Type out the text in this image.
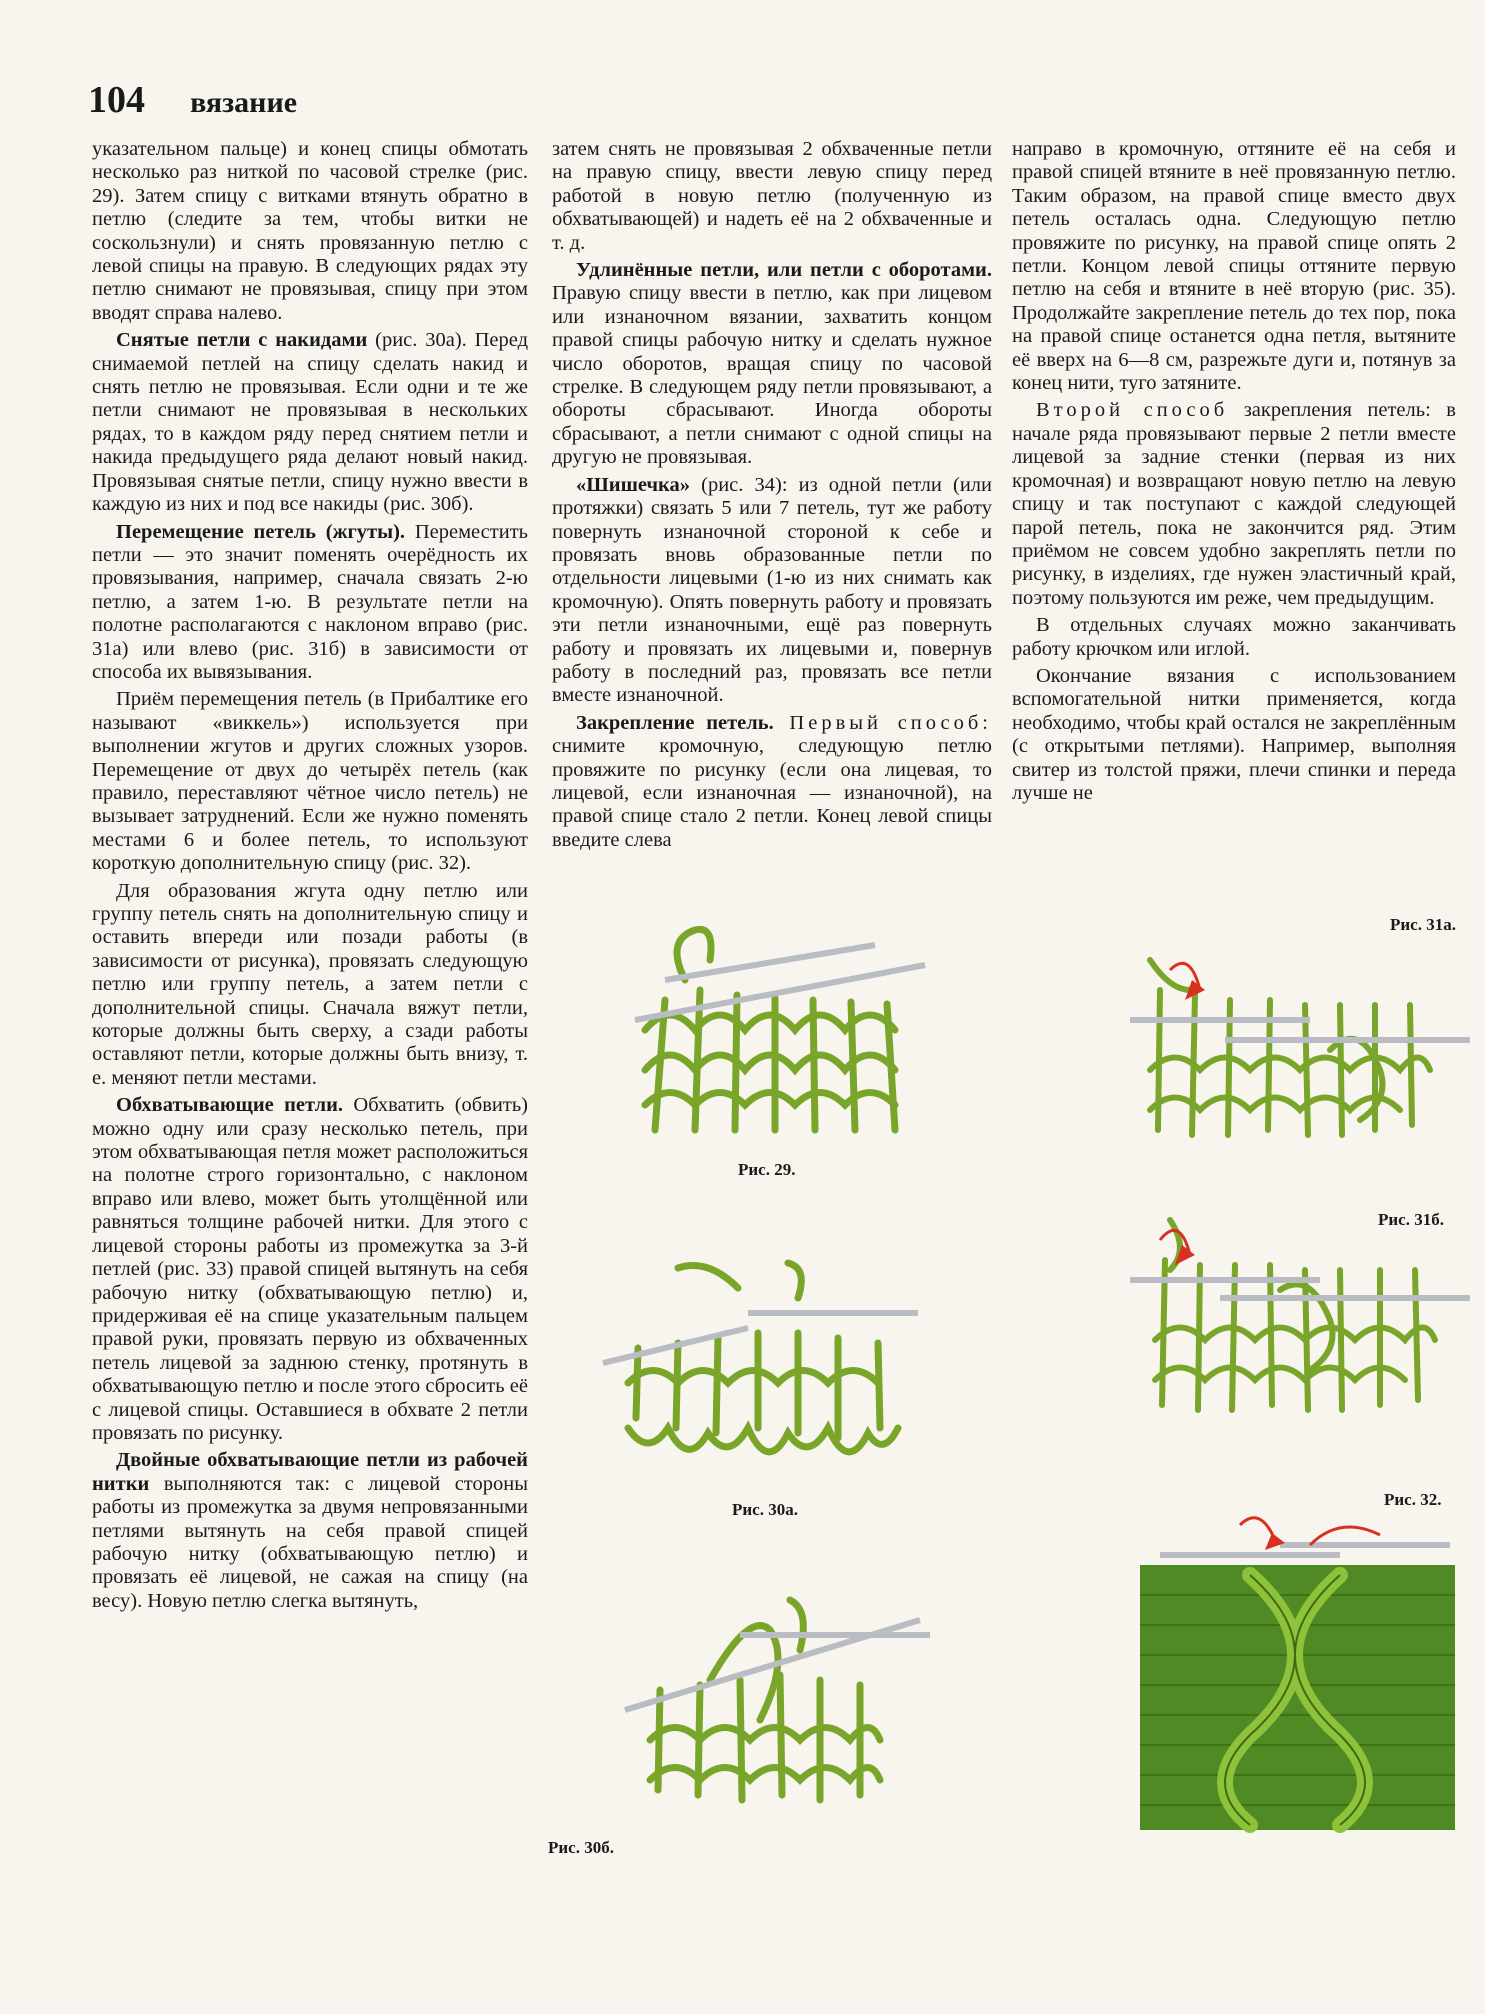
104 вязание

указательном пальце) и конец спицы обмотать несколько раз ниткой по часовой стрелке (рис. 29). Затем спицу с витками втянуть обратно в петлю (следите за тем, чтобы витки не соскользнули) и снять провязанную петлю с левой спицы на правую. В следующих рядах эту петлю снимают не провязывая, спицу при этом вводят справа налево.

Снятые петли с накидами (рис. 30а). Перед снимаемой петлей на спицу сделать накид и снять петлю не провязывая. Если одни и те же петли снимают не провязывая в нескольких рядах, то в каждом ряду перед снятием петли и накида предыдущего ряда делают новый накид. Провязывая снятые петли, спицу нужно ввести в каждую из них и под все накиды (рис. 30б).

Перемещение петель (жгуты). Переместить петли — это значит поменять очерёдность их провязывания, например, сначала связать 2-ю петлю, а затем 1-ю. В результате петли на полотне располагаются с наклоном вправо (рис. 31а) или влево (рис. 31б) в зависимости от способа их вывязывания.

Приём перемещения петель (в Прибалтике его называют «виккель») используется при выполнении жгутов и других сложных узоров. Перемещение от двух до четырёх петель (как правило, переставляют чётное число петель) не вызывает затруднений. Если же нужно поменять местами 6 и более петель, то используют короткую дополнительную спицу (рис. 32).

Для образования жгута одну петлю или группу петель снять на дополнительную спицу и оставить впереди или позади работы (в зависимости от рисунка), провязать следующую петлю или группу петель, а затем петли с дополнительной спицы. Сначала вяжут петли, которые должны быть сверху, а сзади работы оставляют петли, которые должны быть внизу, т. е. меняют петли местами.

Обхватывающие петли. Обхватить (обвить) можно одну или сразу несколько петель, при этом обхватывающая петля может расположиться на полотне строго горизонтально, с наклоном вправо или влево, может быть утолщённой или равняться толщине рабочей нитки. Для этого с лицевой стороны работы из промежутка за 3-й петлей (рис. 33) правой спицей вытянуть на себя рабочую нитку (обхватывающую петлю) и, придерживая её на спице указательным пальцем правой руки, провязать первую из обхваченных петель лицевой за заднюю стенку, протянуть в обхватывающую петлю и после этого сбросить её с лицевой спицы. Оставшиеся в обхвате 2 петли провязать по рисунку.

Двойные обхватывающие петли из рабочей нитки выполняются так: с лицевой стороны работы из промежутка за двумя непровязанными петлями вытянуть на себя правой спицей рабочую нитку (обхватывающую петлю) и провязать её лицевой, не сажая на спицу (на весу). Новую петлю слегка вытянуть,

затем снять не провязывая 2 обхваченные петли на правую спицу, ввести левую спицу перед работой в новую петлю (полученную из обхватывающей) и надеть её на 2 обхваченные и т. д.

Удлинённые петли, или петли с оборотами. Правую спицу ввести в петлю, как при лицевом или изнаночном вязании, захватить концом правой спицы рабочую нитку и сделать нужное число оборотов, вращая спицу по часовой стрелке. В следующем ряду петли провязывают, а обороты сбрасывают. Иногда обороты сбрасывают, а петли снимают с одной спицы на другую не провязывая.

«Шишечка» (рис. 34): из одной петли (или протяжки) связать 5 или 7 петель, тут же работу повернуть изнаночной стороной к себе и провязать вновь образованные петли по отдельности лицевыми (1-ю из них снимать как кромочную). Опять повернуть работу и провязать эти петли изнаночными, ещё раз повернуть работу и провязать их лицевыми и, повернув работу в последний раз, провязать все петли вместе изнаночной.

Закрепление петель. Первый способ: снимите кромочную, следующую петлю провяжите по рисунку (если она лицевая, то лицевой, если изнаночная — изнаночной), на правой спице стало 2 петли. Конец левой спицы введите слева

направо в кромочную, оттяните её на себя и правой спицей втяните в неё провязанную петлю. Таким образом, на правой спице вместо двух петель осталась одна. Следующую петлю провяжите по рисунку, на правой спице опять 2 петли. Концом левой спицы оттяните первую петлю на себя и втяните в неё вторую (рис. 35). Продолжайте закрепление петель до тех пор, пока на правой спице останется одна петля, вытяните её вверх на 6—8 см, разрежьте дуги и, потянув за конец нити, туго затяните.

Второй способ закрепления петель: в начале ряда провязывают первые 2 петли вместе лицевой за задние стенки (первая из них кромочная) и возвращают новую петлю на левую спицу и так поступают с каждой следующей парой петель, пока не закончится ряд. Этим приёмом не совсем удобно закреплять петли по рисунку, в изделиях, где нужен эластичный край, поэтому пользуются им реже, чем предыдущим.

В отдельных случаях можно заканчивать работу крючком или иглой.

Окончание вязания с использованием вспомогательной нитки применяется, когда необходимо, чтобы край остался не закреплённым (с открытыми петлями). Например, выполняя свитер из толстой пряжи, плечи спинки и переда лучше не

Рис. 29.
Рис. 30а.
Рис. 30б.
Рис. 31а.
Рис. 31б.
Рис. 32.
